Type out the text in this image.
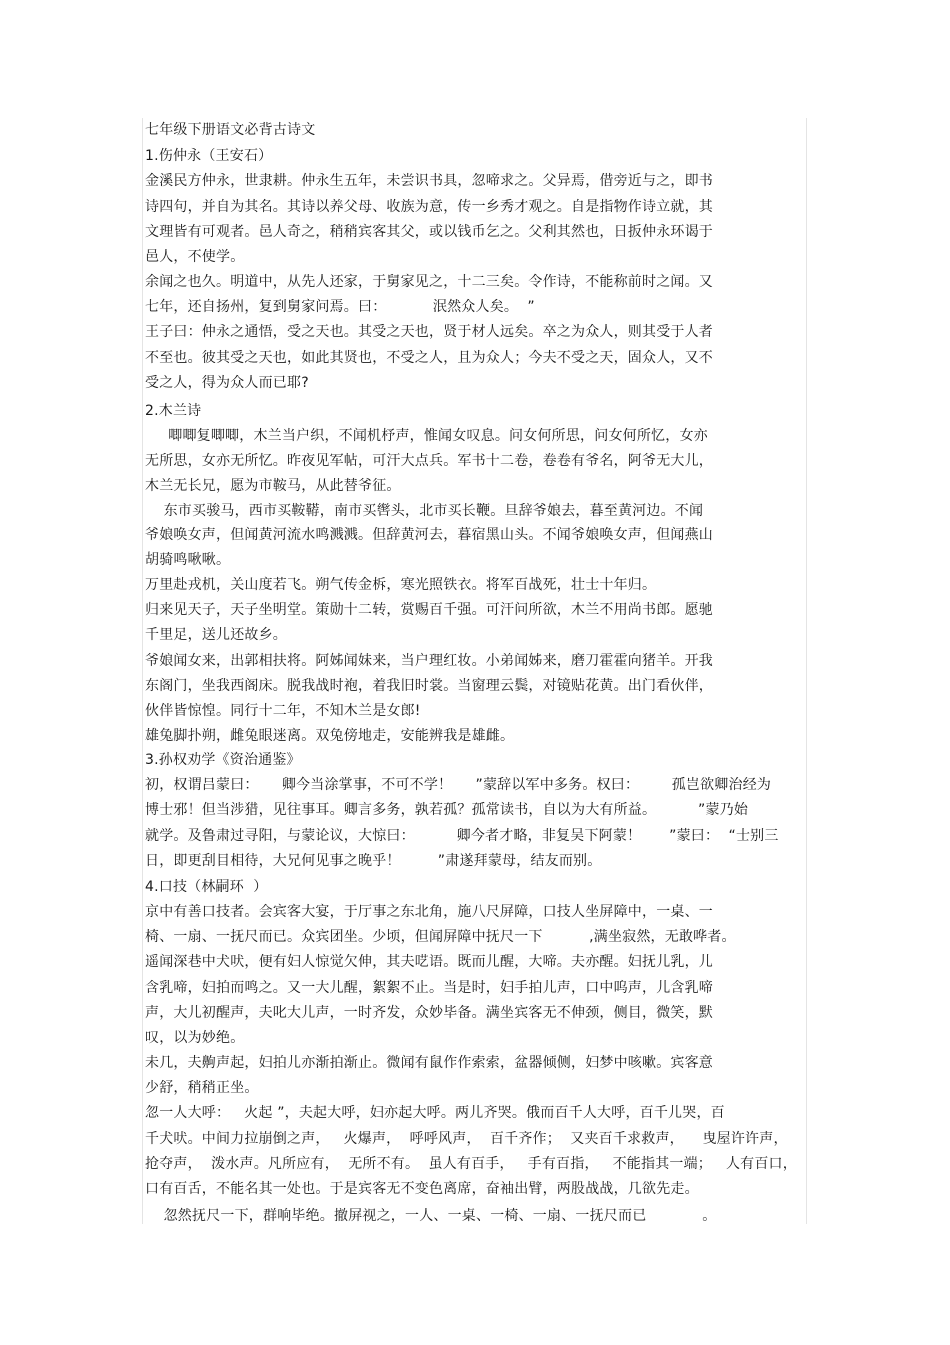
七年级下册语文必背古诗文
1.伤仲永（王安石）
金溪民方仲永，世隶耕。仲永生五年，未尝识书具，忽啼求之。父异焉，借旁近与之，即书
诗四句，并自为其名。其诗以养父母、收族为意，传一乡秀才观之。自是指物作诗立就，其
文理皆有可观者。邑人奇之，稍稍宾客其父，或以钱币乞之。父利其然也，日扳仲永环谒于
邑人，不使学。
余闻之也久。明道中，从先人还家，于舅家见之，十二三矣。令作诗，不能称前时之闻。又
七年，还自扬州，复到舅家问焉。曰：          泯然众人矣。  ”
王子曰：仲永之通悟，受之天也。其受之天也，贤于材人远矣。卒之为众人，则其受于人者
不至也。彼其受之天也，如此其贤也，不受之人，且为众人；今夫不受之天，固众人，又不
受之人，得为众人而已耶?
2.木兰诗
唧唧复唧唧，木兰当户织，不闻机杼声，惟闻女叹息。问女何所思，问女何所忆，女亦
无所思，女亦无所忆。昨夜见军帖，可汗大点兵。军书十二卷，卷卷有爷名，阿爷无大儿，
木兰无长兄，愿为市鞍马，从此替爷征。
东市买骏马，西市买鞍鞯，南市买辔头，北市买长鞭。旦辞爷娘去，暮至黄河边。不闻
爷娘唤女声，但闻黄河流水鸣溅溅。但辞黄河去，暮宿黑山头。不闻爷娘唤女声，但闻燕山
胡骑鸣啾啾。
万里赴戎机，关山度若飞。朔气传金柝，寒光照铁衣。将军百战死，壮士十年归。
归来见天子，天子坐明堂。策勋十二转，赏赐百千强。可汗问所欲，木兰不用尚书郎。愿驰
千里足，送儿还故乡。
爷娘闻女来，出郭相扶将。阿姊闻妹来，当户理红妆。小弟闻姊来，磨刀霍霍向猪羊。开我
东阁门，坐我西阁床。脱我战时袍，着我旧时裳。当窗理云鬓，对镜贴花黄。出门看伙伴，
伙伴皆惊惶。同行十二年，不知木兰是女郎!
雄兔脚扑朔，雌兔眼迷离。双兔傍地走，安能辨我是雄雌。
3.孙权劝学《资治通鉴》
初，权谓吕蒙曰：     卿今当涂掌事，不可不学！     ”蒙辞以军中多务。权曰：       孤岂欲卿治经为
博士邪！但当涉猎，见往事耳。卿言多务，孰若孤？孤常读书，自以为大有所益。         ”蒙乃始
就学。及鲁肃过寻阳，与蒙论议，大惊曰：         卿今者才略，非复吴下阿蒙！      ”蒙曰：  “士别三
日，即更刮目相待，大兄何见事之晚乎！        ”肃遂拜蒙母，结友而别。
4.口技（林嗣环  ）
京中有善口技者。会宾客大宴，于厅事之东北角，施八尺屏障，口技人坐屏障中，一桌、一
椅、一扇、一抚尺而已。众宾团坐。少顷，但闻屏障中抚尺一下          ,满坐寂然，无敢哗者。
遥闻深巷中犬吠，便有妇人惊觉欠伸，其夫呓语。既而儿醒，大啼。夫亦醒。妇抚儿乳，儿
含乳啼，妇拍而鸣之。又一大儿醒，絮絮不止。当是时，妇手拍儿声，口中呜声，儿含乳啼
声，大儿初醒声，夫叱大儿声，一时齐发，众妙毕备。满坐宾客无不伸颈，侧目，微笑，默
叹，以为妙绝。
未几，夫齁声起，妇拍儿亦渐拍渐止。微闻有鼠作作索索，盆器倾侧，妇梦中咳嗽。宾客意
少舒，稍稍正坐。
忽一人大呼：   火起 ”，夫起大呼，妇亦起大呼。两儿齐哭。俄而百千人大呼，百千儿哭，百
千犬吠。中间力拉崩倒之声，   火爆声，  呼呼风声，  百千齐作；  又夹百千求救声，    曳屋许许声，
抢夺声，  泼水声。凡所应有，  无所不有。  虽人有百手，   手有百指，   不能指其一端；   人有百口，
口有百舌，不能名其一处也。于是宾客无不变色离席，奋袖出臂，两股战战，几欲先走。
忽然抚尺一下，群响毕绝。撤屏视之，一人、一桌、一椅、一扇、一抚尺而已            。
